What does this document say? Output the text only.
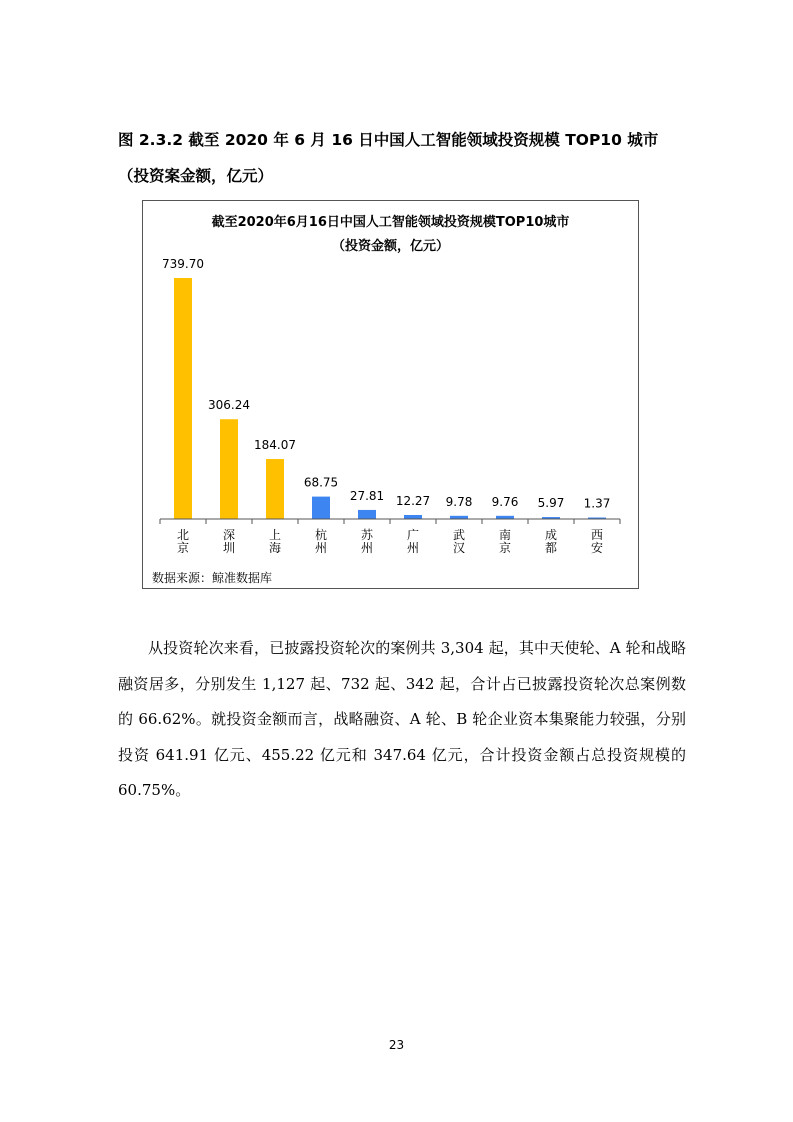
图 2.3.2 截至 2020 年 6 月 16 日中国人工智能领域投资规模 TOP10 城市（投资案金额，亿元）
截至2020年6月16日中国人工智能领域投资规模TOP10城市
（投资金额，亿元）
739.70
北京
306.24
深圳
184.07
上海
68.75
杭州
27.81
苏州
12.27
广州
9.78
武汉
9.76
南京
5.97
成都
1.37
西安
数据来源：鲸准数据库
从投资轮次来看，已披露投资轮次的案例共 3,304 起，其中天使轮、A 轮和战略融资居多，分别发生 1,127 起、732 起、342 起，合计占已披露投资轮次总案例数的 66.62%。就投资金额而言，战略融资、A 轮、B 轮企业资本集聚能力较强，分别投资 641.91 亿元、455.22 亿元和 347.64 亿元，合计投资金额占总投资规模的 60.75%。
23
